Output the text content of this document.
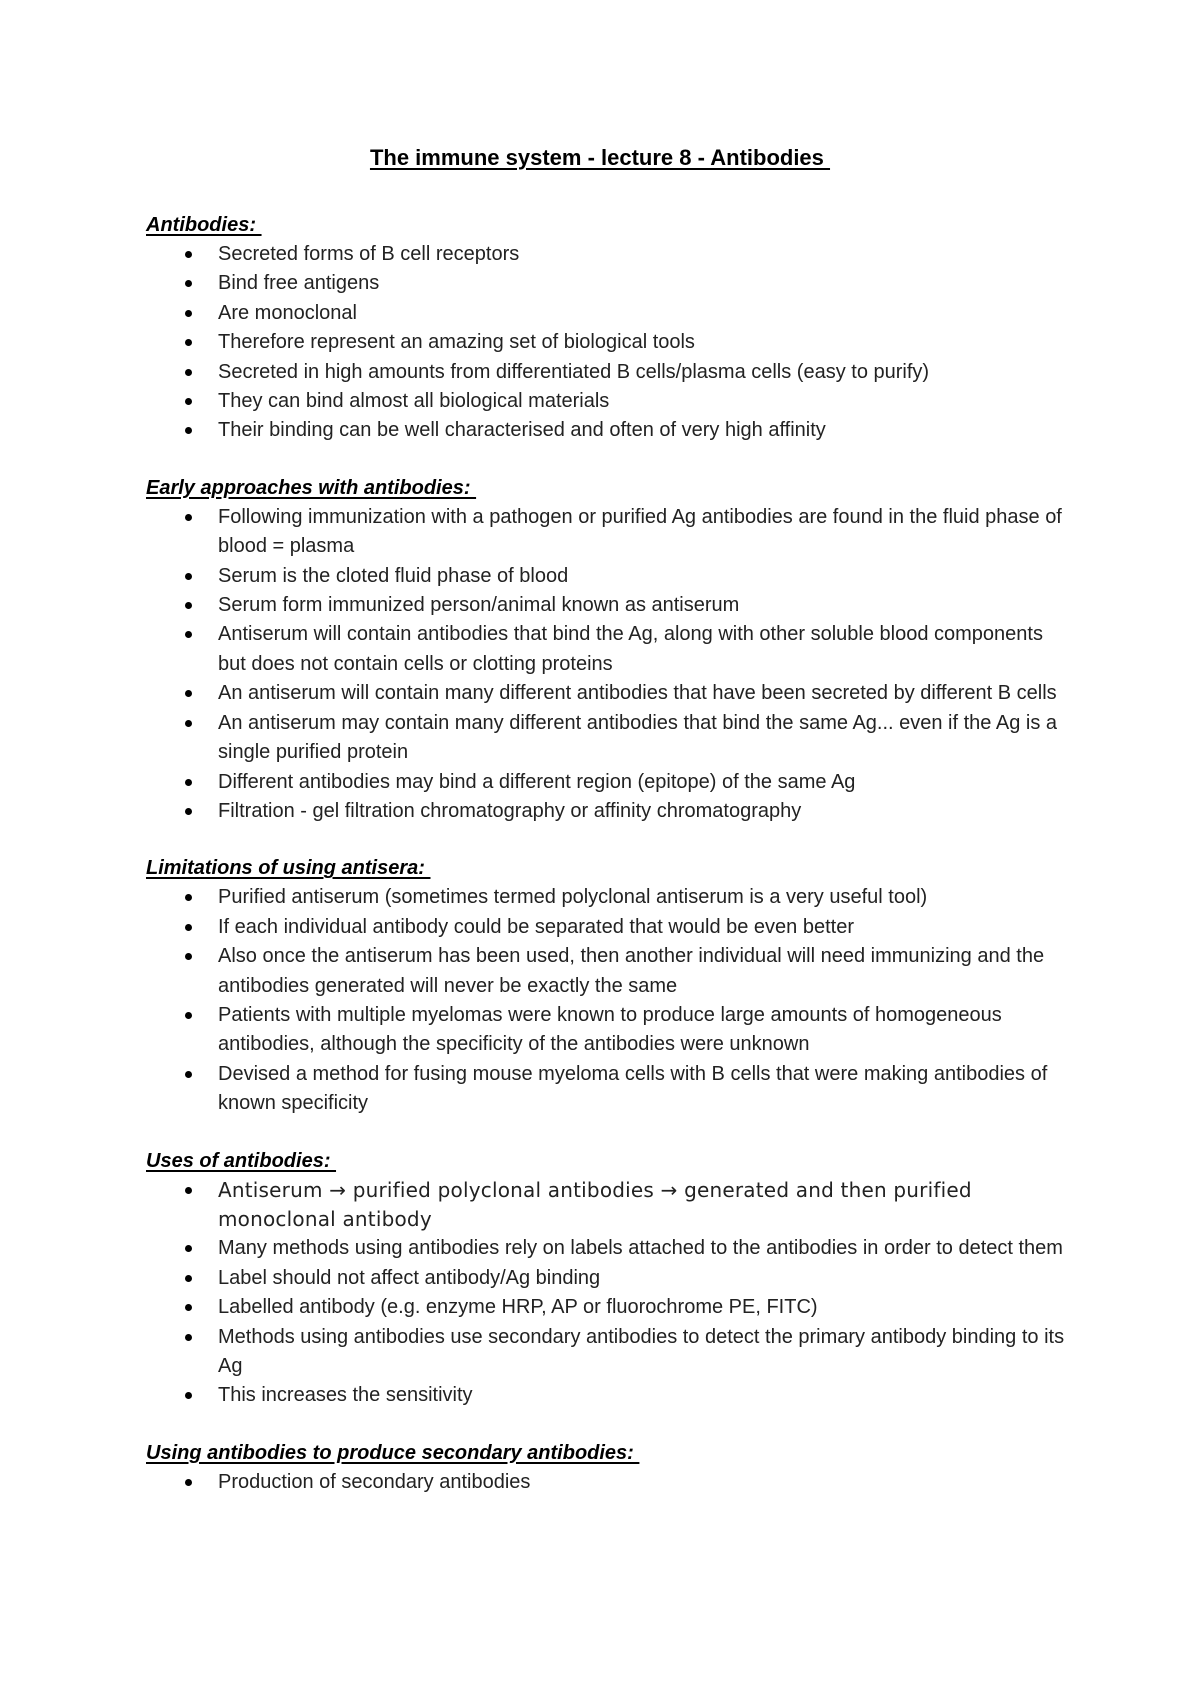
The immune system - lecture 8 - Antibodies
Antibodies:
Secreted forms of B cell receptors
Bind free antigens
Are monoclonal
Therefore represent an amazing set of biological tools
Secreted in high amounts from differentiated B cells/plasma cells (easy to purify)
They can bind almost all biological materials
Their binding can be well characterised and often of very high affinity
Early approaches with antibodies:
Following immunization with a pathogen or purified Ag antibodies are found in the fluid phase of blood = plasma
Serum is the cloted fluid phase of blood
Serum form immunized person/animal known as antiserum
Antiserum will contain antibodies that bind the Ag, along with other soluble blood components but does not contain cells or clotting proteins
An antiserum will contain many different antibodies that have been secreted by different B cells
An antiserum may contain many different antibodies that bind the same Ag... even if the Ag is a single purified protein
Different antibodies may bind a different region (epitope) of the same Ag
Filtration - gel filtration chromatography or affinity chromatography
Limitations of using antisera:
Purified antiserum (sometimes termed polyclonal antiserum is a very useful tool)
If each individual antibody could be separated that would be even better
Also once the antiserum has been used, then another individual will need immunizing and the antibodies generated will never be exactly the same
Patients with multiple myelomas were known to produce large amounts of homogeneous antibodies, although the specificity of the antibodies were unknown
Devised a method for fusing mouse myeloma cells with B cells that were making antibodies of known specificity
Uses of antibodies:
Antiserum → purified polyclonal antibodies → generated and then purified monoclonal antibody
Many methods using antibodies rely on labels attached to the antibodies in order to detect them
Label should not affect antibody/Ag binding
Labelled antibody (e.g. enzyme HRP, AP or fluorochrome PE, FITC)
Methods using antibodies use secondary antibodies to detect the primary antibody binding to its Ag
This increases the sensitivity
Using antibodies to produce secondary antibodies:
Production of secondary antibodies
